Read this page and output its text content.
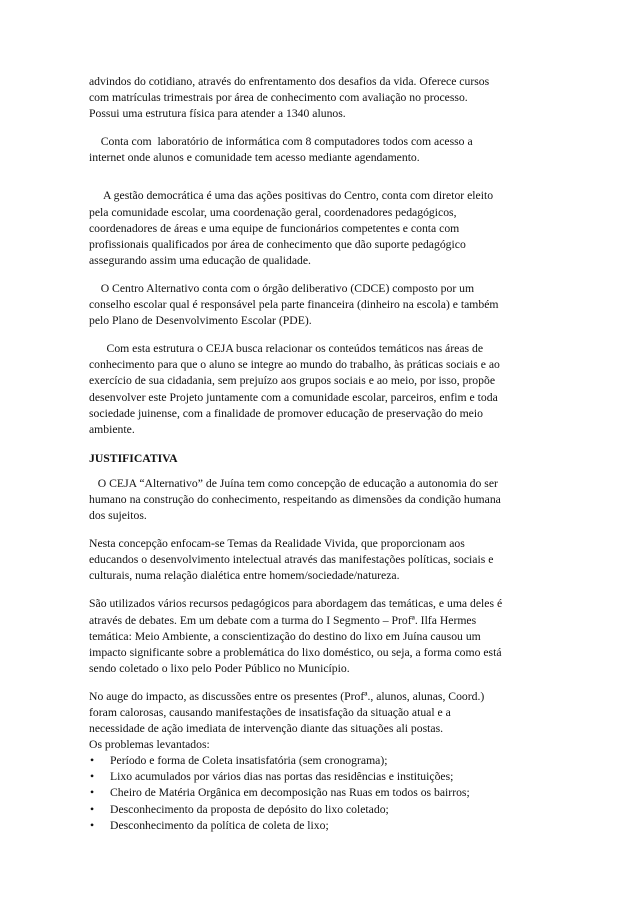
advindos do cotidiano, através do enfrentamento dos desafios da vida. Oferece cursos
com matrículas trimestrais por área de conhecimento com avaliação no processo.
Possui uma estrutura física para atender a 1340 alunos.

Conta com  laboratório de informática com 8 computadores todos com acesso a
internet onde alunos e comunidade tem acesso mediante agendamento.

A gestão democrática é uma das ações positivas do Centro, conta com diretor eleito
pela comunidade escolar, uma coordenação geral, coordenadores pedagógicos,
coordenadores de áreas e uma equipe de funcionários competentes e conta com
profissionais qualificados por área de conhecimento que dão suporte pedagógico
assegurando assim uma educação de qualidade.

O Centro Alternativo conta com o órgão deliberativo (CDCE) composto por um
conselho escolar qual é responsável pela parte financeira (dinheiro na escola) e também
pelo Plano de Desenvolvimento Escolar (PDE).

Com esta estrutura o CEJA busca relacionar os conteúdos temáticos nas áreas de
conhecimento para que o aluno se integre ao mundo do trabalho, às práticas sociais e ao
exercício de sua cidadania, sem prejuízo aos grupos sociais e ao meio, por isso, propõe
desenvolver este Projeto juntamente com a comunidade escolar, parceiros, enfim e toda
sociedade juinense, com a finalidade de promover educação de preservação do meio
ambiente.

JUSTIFICATIVA

O CEJA “Alternativo” de Juína tem como concepção de educação a autonomia do ser
humano na construção do conhecimento, respeitando as dimensões da condição humana
dos sujeitos.

Nesta concepção enfocam-se Temas da Realidade Vivida, que proporcionam aos
educandos o desenvolvimento intelectual através das manifestações políticas, sociais e
culturais, numa relação dialética entre homem/sociedade/natureza.

São utilizados vários recursos pedagógicos para abordagem das temáticas, e uma deles é
através de debates. Em um debate com a turma do I Segmento – Profª. Ilfa Hermes
temática: Meio Ambiente, a conscientização do destino do lixo em Juína causou um
impacto significante sobre a problemática do lixo doméstico, ou seja, a forma como está
sendo coletado o lixo pelo Poder Público no Município.

No auge do impacto, as discussões entre os presentes (Profª., alunos, alunas, Coord.)
foram calorosas, causando manifestações de insatisfação da situação atual e a
necessidade de ação imediata de intervenção diante das situações ali postas.
Os problemas levantados:

• Período e forma de Coleta insatisfatória (sem cronograma);
• Lixo acumulados por vários dias nas portas das residências e instituições;
• Cheiro de Matéria Orgânica em decomposição nas Ruas em todos os bairros;
• Desconhecimento da proposta de depósito do lixo coletado;
• Desconhecimento da política de coleta de lixo;
